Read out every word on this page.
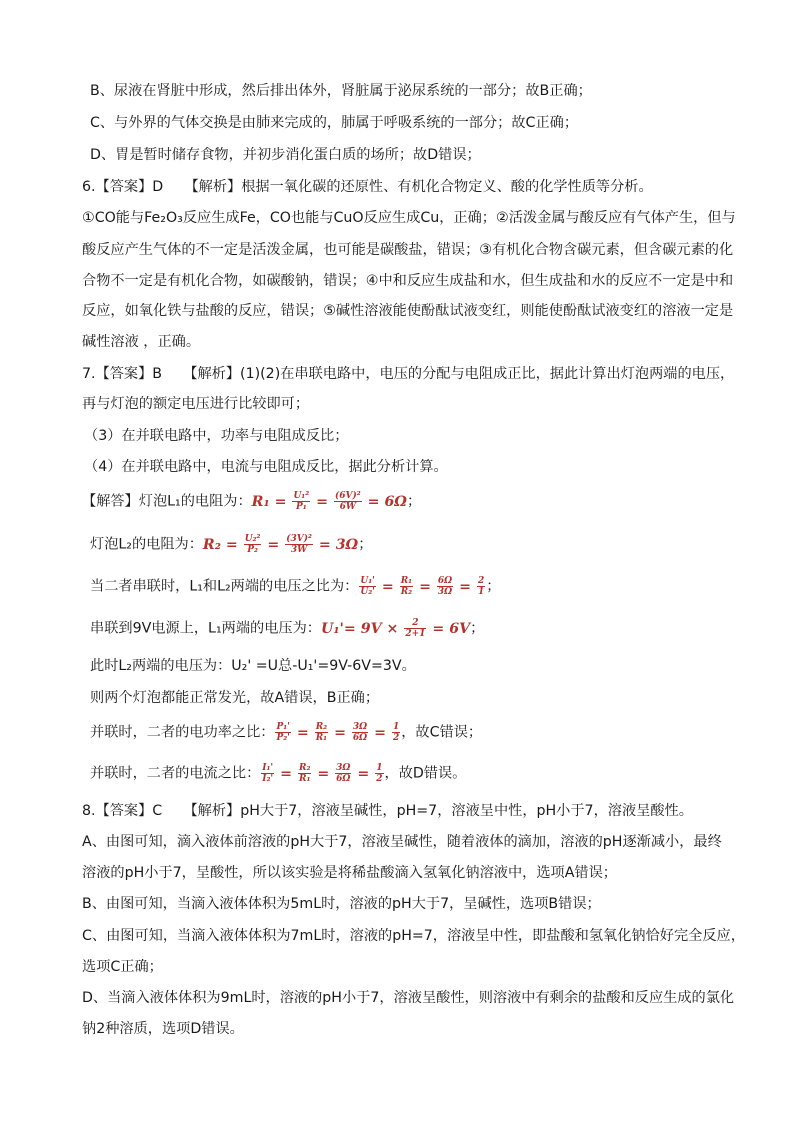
B、尿液在肾脏中形成，然后排出体外，肾脏属于泌尿系统的一部分；故B正确；
C、与外界的气体交换是由肺来完成的，肺属于呼吸系统的一部分；故C正确；
D、胃是暂时储存食物，并初步消化蛋白质的场所；故D错误；
6.【答案】D　　【解析】根据一氧化碳的还原性、有机化合物定义、酸的化学性质等分析。
①CO能与Fe₂O₃反应生成Fe，CO也能与CuO反应生成Cu，正确；②活泼金属与酸反应有气体产生，但与
酸反应产生气体的不一定是活泼金属，也可能是碳酸盐，错误；③有机化合物含碳元素，但含碳元素的化
合物不一定是有机化合物，如碳酸钠，错误；④中和反应生成盐和水，但生成盐和水的反应不一定是中和
反应，如氧化铁与盐酸的反应，错误；⑤碱性溶液能使酚酞试液变红，则能使酚酞试液变红的溶液一定是
碱性溶液 ，正确。
7.【答案】B　　【解析】(1)(2)在串联电路中，电压的分配与电阻成正比，据此计算出灯泡两端的电压，
再与灯泡的额定电压进行比较即可；
（3）在并联电路中，功率与电阻成反比；
（4）在并联电路中，电流与电阻成反比，据此分析计算。
【解答】灯泡L₁的电阻为：$R_1 = \frac{\text{U₁²}}{\text{P₁}} = \frac{\text{(6V)²}}{6W} = 6\Omega$；
灯泡L₂的电阻为：$R_2 = \frac{\text{U₂²}}{\text{P₂}} = \frac{\text{(3V)²}}{3W} = 3\Omega$；
当二者串联时，L₁和L₂两端的电压之比为： $\frac{\text{U₁'}}{\text{U₂'}} = \frac{\text{R₁}}{\text{R₂}} = \frac{6\Omega}{3\Omega} = \frac{2}{1}$ ；
串联到9V电源上，L₁两端的电压为：$U_1'= 9V \times \frac{2}{2+1} = 6V$；
此时L₂两端的电压为：U₂' =U总-U₁'=9V-6V=3V。
则两个灯泡都能正常发光，故A错误，B正确；
并联时，二者的电功率之比： $\frac{\text{P₁'}}{\text{P₂'}} = \frac{\text{R₂}}{\text{R₁}} = \frac{3\Omega}{6\Omega} = \frac{1}{2}$ ，故C错误；
并联时，二者的电流之比： $\frac{\text{I₁'}}{\text{I₂'}} = \frac{\text{R₂}}{\text{R₁}} = \frac{3\Omega}{6\Omega} = \frac{1}{2}$ ，故D错误。
8.【答案】C　　【解析】pH大于7，溶液呈碱性，pH=7，溶液呈中性，pH小于7，溶液呈酸性。
A、由图可知，滴入液体前溶液的pH大于7，溶液呈碱性，随着液体的滴加，溶液的pH逐渐减小，最终
溶液的pH小于7，呈酸性，所以该实验是将稀盐酸滴入氢氧化钠溶液中，选项A错误；
B、由图可知，当滴入液体体积为5mL时，溶液的pH大于7，呈碱性，选项B错误；
C、由图可知，当滴入液体体积为7mL时，溶液的pH=7，溶液呈中性，即盐酸和氢氧化钠恰好完全反应，
选项C正确；
D、当滴入液体体积为9mL时，溶液的pH小于7，溶液呈酸性，则溶液中有剩余的盐酸和反应生成的氯化
钠2种溶质，选项D错误。
